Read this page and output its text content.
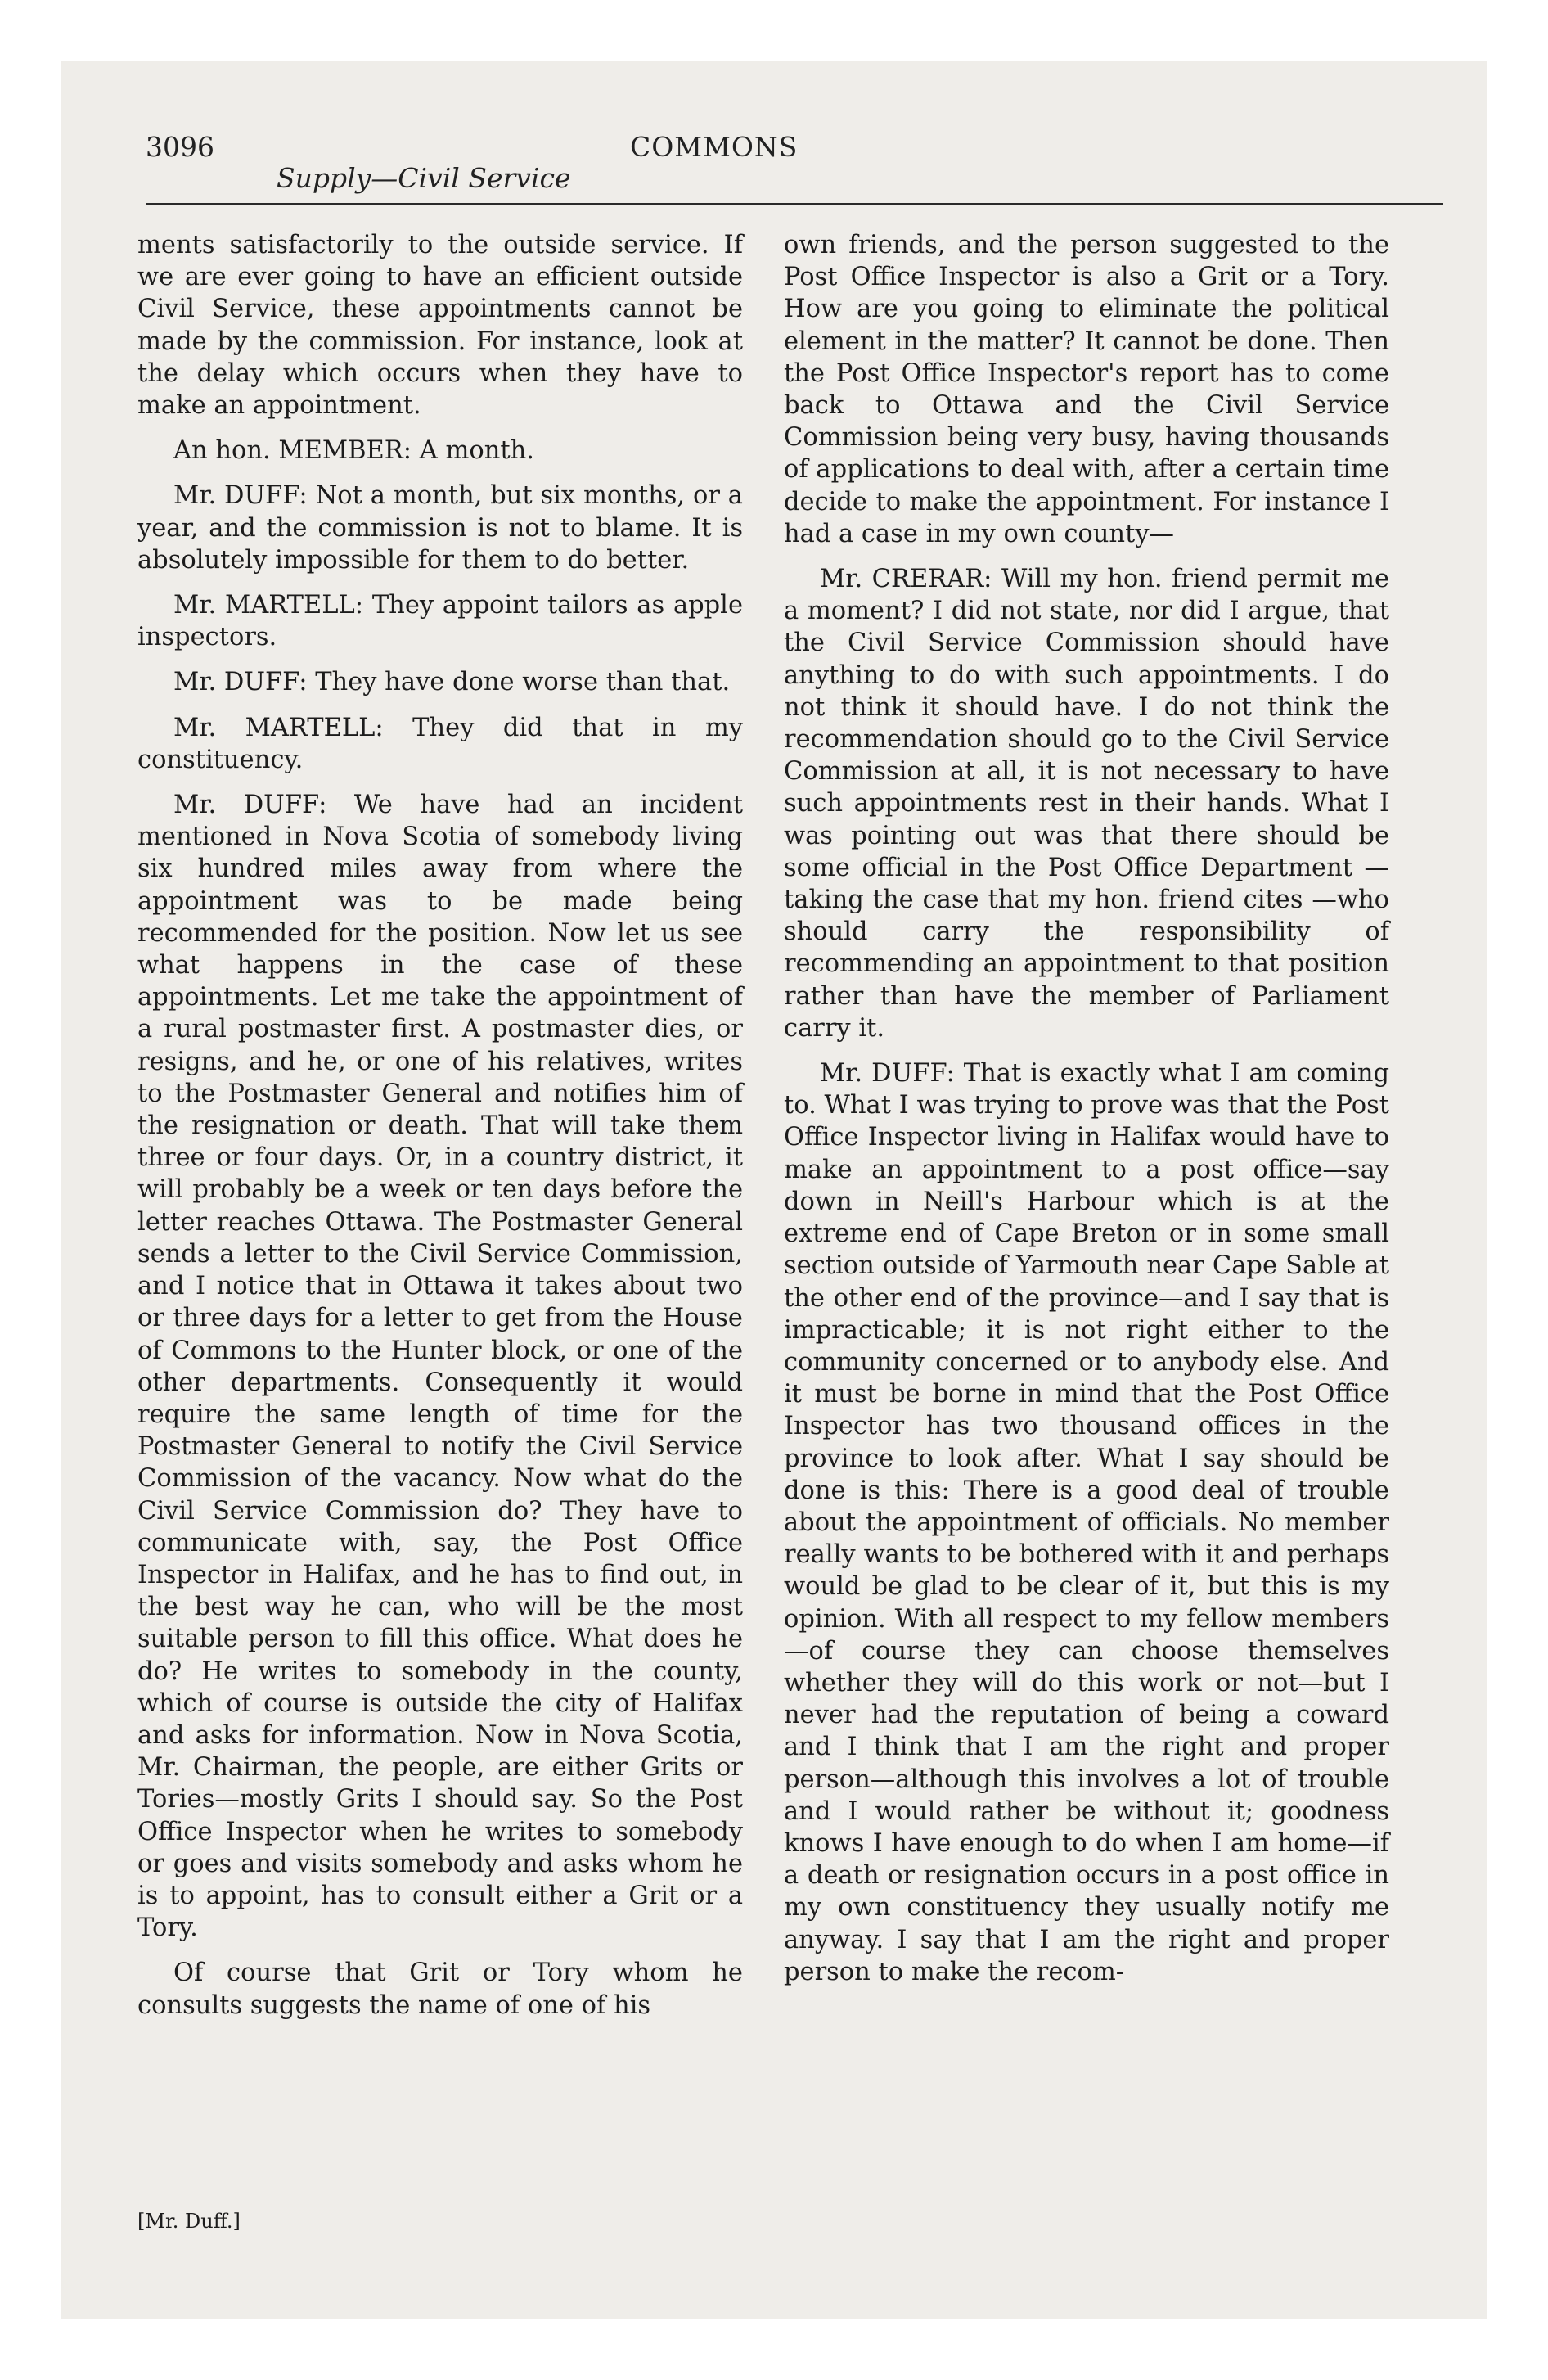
3096
Supply—Civil Service
COMMONS

ments satisfactorily to the outside service. If we are ever going to have an efficient outside Civil Service, these appointments cannot be made by the commission. For instance, look at the delay which occurs when they have to make an appointment.

An hon. MEMBER: A month.

Mr. DUFF: Not a month, but six months, or a year, and the commission is not to blame. It is absolutely impossible for them to do better.

Mr. MARTELL: They appoint tailors as apple inspectors.

Mr. DUFF: They have done worse than that.

Mr. MARTELL: They did that in my constituency.

Mr. DUFF: We have had an incident mentioned in Nova Scotia of somebody living six hundred miles away from where the appointment was to be made being recommended for the position. Now let us see what happens in the case of these appointments. Let me take the appointment of a rural postmaster first. A postmaster dies, or resigns, and he, or one of his relatives, writes to the Postmaster General and notifies him of the resignation or death. That will take them three or four days. Or, in a country district, it will probably be a week or ten days before the letter reaches Ottawa. The Postmaster General sends a letter to the Civil Service Commission, and I notice that in Ottawa it takes about two or three days for a letter to get from the House of Commons to the Hunter block, or one of the other departments. Consequently it would require the same length of time for the Postmaster General to notify the Civil Service Commission of the vacancy. Now what do the Civil Service Commission do? They have to communicate with, say, the Post Office Inspector in Halifax, and he has to find out, in the best way he can, who will be the most suitable person to fill this office. What does he do? He writes to somebody in the county, which of course is outside the city of Halifax and asks for information. Now in Nova Scotia, Mr. Chairman, the people, are either Grits or Tories—mostly Grits I should say. So the Post Office Inspector when he writes to somebody or goes and visits somebody and asks whom he is to appoint, has to consult either a Grit or a Tory.

Of course that Grit or Tory whom he consults suggests the name of one of his

own friends, and the person suggested to the Post Office Inspector is also a Grit or a Tory. How are you going to eliminate the political element in the matter? It cannot be done. Then the Post Office Inspector's report has to come back to Ottawa and the Civil Service Commission being very busy, having thousands of applications to deal with, after a certain time decide to make the appointment. For instance I had a case in my own county—

Mr. CRERAR: Will my hon. friend permit me a moment? I did not state, nor did I argue, that the Civil Service Commission should have anything to do with such appointments. I do not think it should have. I do not think the recommendation should go to the Civil Service Commission at all, it is not necessary to have such appointments rest in their hands. What I was pointing out was that there should be some official in the Post Office Department —taking the case that my hon. friend cites —who should carry the responsibility of recommending an appointment to that position rather than have the member of Parliament carry it.

Mr. DUFF: That is exactly what I am coming to. What I was trying to prove was that the Post Office Inspector living in Halifax would have to make an appointment to a post office—say down in Neill's Harbour which is at the extreme end of Cape Breton or in some small section outside of Yarmouth near Cape Sable at the other end of the province—and I say that is impracticable; it is not right either to the community concerned or to anybody else. And it must be borne in mind that the Post Office Inspector has two thousand offices in the province to look after. What I say should be done is this: There is a good deal of trouble about the appointment of officials. No member really wants to be bothered with it and perhaps would be glad to be clear of it, but this is my opinion. With all respect to my fellow members—of course they can choose themselves whether they will do this work or not—but I never had the reputation of being a coward and I think that I am the right and proper person—although this involves a lot of trouble and I would rather be without it; goodness knows I have enough to do when I am home—if a death or resignation occurs in a post office in my own constituency they usually notify me anyway. I say that I am the right and proper person to make the recom-

[Mr. Duff.]
